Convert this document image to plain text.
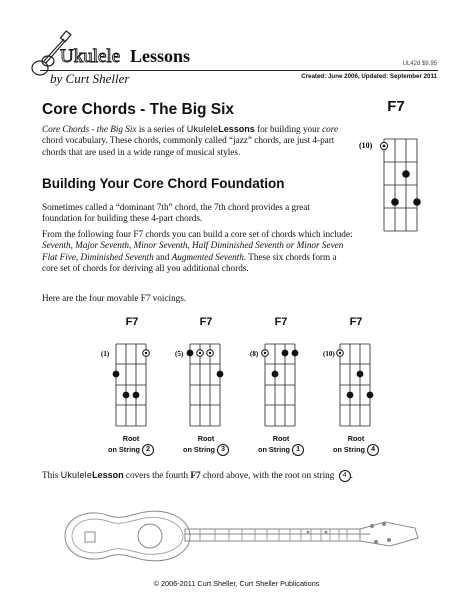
Ukulele Lessons
by Curt Sheller
UL42d $9.95
Created: June 2006, Updated: September 2011
Core Chords - The Big Six

Core Chords - the Big Six is a series of UkuleleLessons for building your core chord vocabulary. These chords, commonly called “jazz” chords, are just 4-part chords that are used in a wide range of musical styles.

Building Your Core Chord Foundation

Sometimes called a “dominant 7th” chord, the 7th chord provides a great foundation for building these 4-part chords.

From the following four F7 chords you can build a core set of chords which include: Seventh, Major Seventh, Minor Seventh, Half Diminished Seventh or Minor Seven Flat Five, Diminished Seventh and Augmented Seventh. These six chords form a core set of chords for deriving all you additional chords.

Here are the four movable F7 voicings.

F7
(10)
F7
(1)
F7
(5)
F7
(8)
F7
(10)
Root
on String 2
Root
on String 3
Root
on String 1
Root
on String 4

This UkuleleLesson covers the fourth F7 chord above, with the root on string 4 .

© 2006-2011 Curt Sheller, Curt Sheller Publications
